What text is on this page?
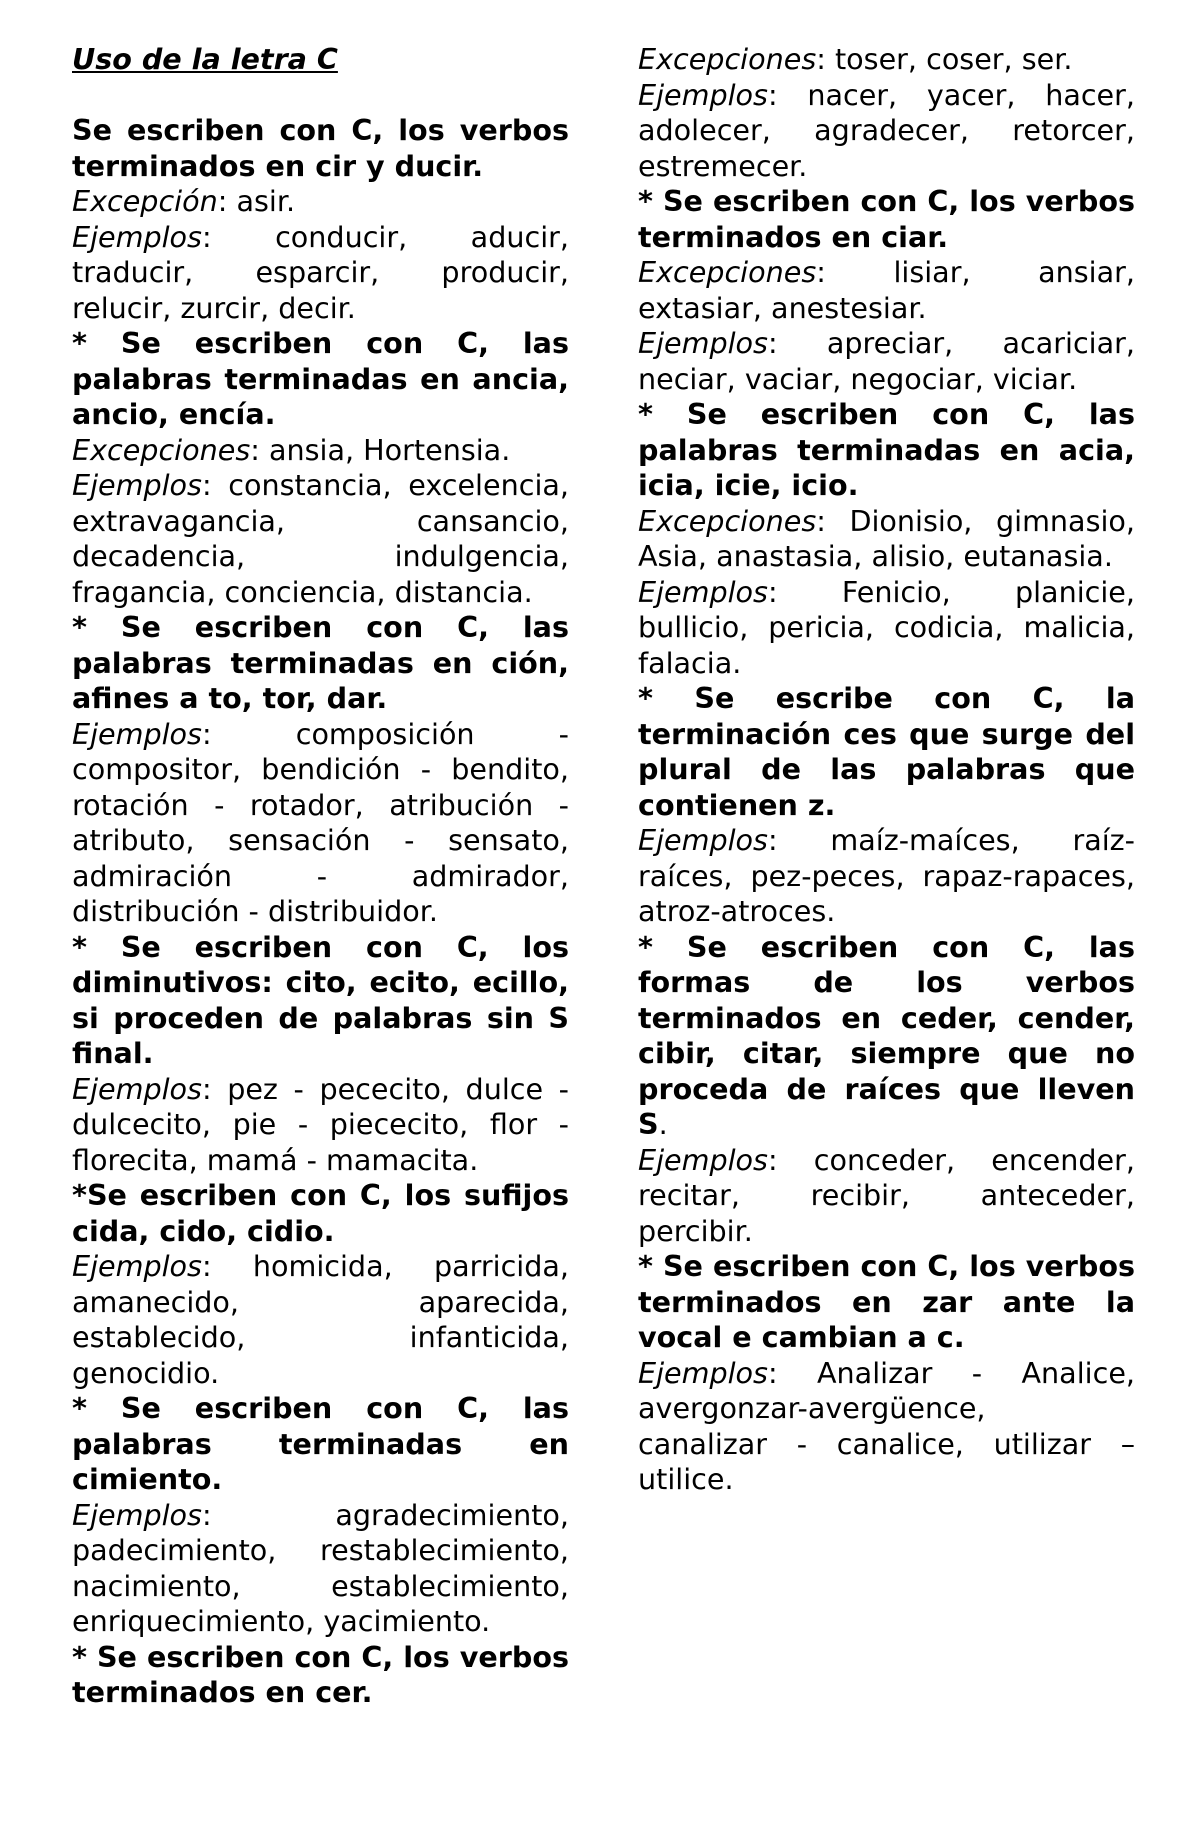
Uso de la letra C

Se escriben con C, los verbos terminados en cir y ducir.

Excepción: asir.

Ejemplos: conducir, aducir, traducir, esparcir, producir, relucir, zurcir, decir.

* Se escriben con C, las palabras terminadas en ancia, ancio, encía.

Excepciones: ansia, Hortensia.

Ejemplos: constancia, excelencia, extravagancia, cansancio, decadencia, indulgencia, fragancia, conciencia, distancia.

* Se escriben con C, las palabras terminadas en ción, afines a to, tor, dar.

Ejemplos: composición - compositor, bendición - bendito, rotación - rotador, atribución - atributo, sensación - sensato, admiración - admirador, distribución - distribuidor.

* Se escriben con C, los diminutivos: cito, ecito, ecillo, si proceden de palabras sin S final.

Ejemplos: pez - pececito, dulce - dulcecito, pie - piececito, flor - florecita, mamá - mamacita.

*Se escriben con C, los sufijos cida, cido, cidio.

Ejemplos: homicida, parricida, amanecido, aparecida, establecido, infanticida, genocidio.

* Se escriben con C, las palabras terminadas en cimiento.

Ejemplos: agradecimiento, padecimiento, restablecimiento, nacimiento, establecimiento, enriquecimiento, yacimiento.

* Se escriben con C, los verbos terminados en cer.

Excepciones: toser, coser, ser.

Ejemplos: nacer, yacer, hacer, adolecer, agradecer, retorcer, estremecer.

* Se escriben con C, los verbos terminados en ciar.

Excepciones: lisiar, ansiar, extasiar, anestesiar.

Ejemplos: apreciar, acariciar, neciar, vaciar, negociar, viciar.

* Se escriben con C, las palabras terminadas en acia, icia, icie, icio.

Excepciones: Dionisio, gimnasio, Asia, anastasia, alisio, eutanasia.

Ejemplos: Fenicio, planicie, bullicio, pericia, codicia, malicia, falacia.

* Se escribe con C, la terminación ces que surge del plural de las palabras que contienen z.

Ejemplos: maíz-maíces, raíz-raíces, pez-peces, rapaz-rapaces, atroz-atroces.

* Se escriben con C, las formas de los verbos terminados en ceder, cender, cibir, citar, siempre que no proceda de raíces que lleven S.

Ejemplos: conceder, encender, recitar, recibir, anteceder, percibir.

* Se escriben con C, los verbos terminados en zar ante la vocal e cambian a c.

Ejemplos: Analizar - Analice, avergonzar-avergüence,

canalizar - canalice, utilizar – utilice.
